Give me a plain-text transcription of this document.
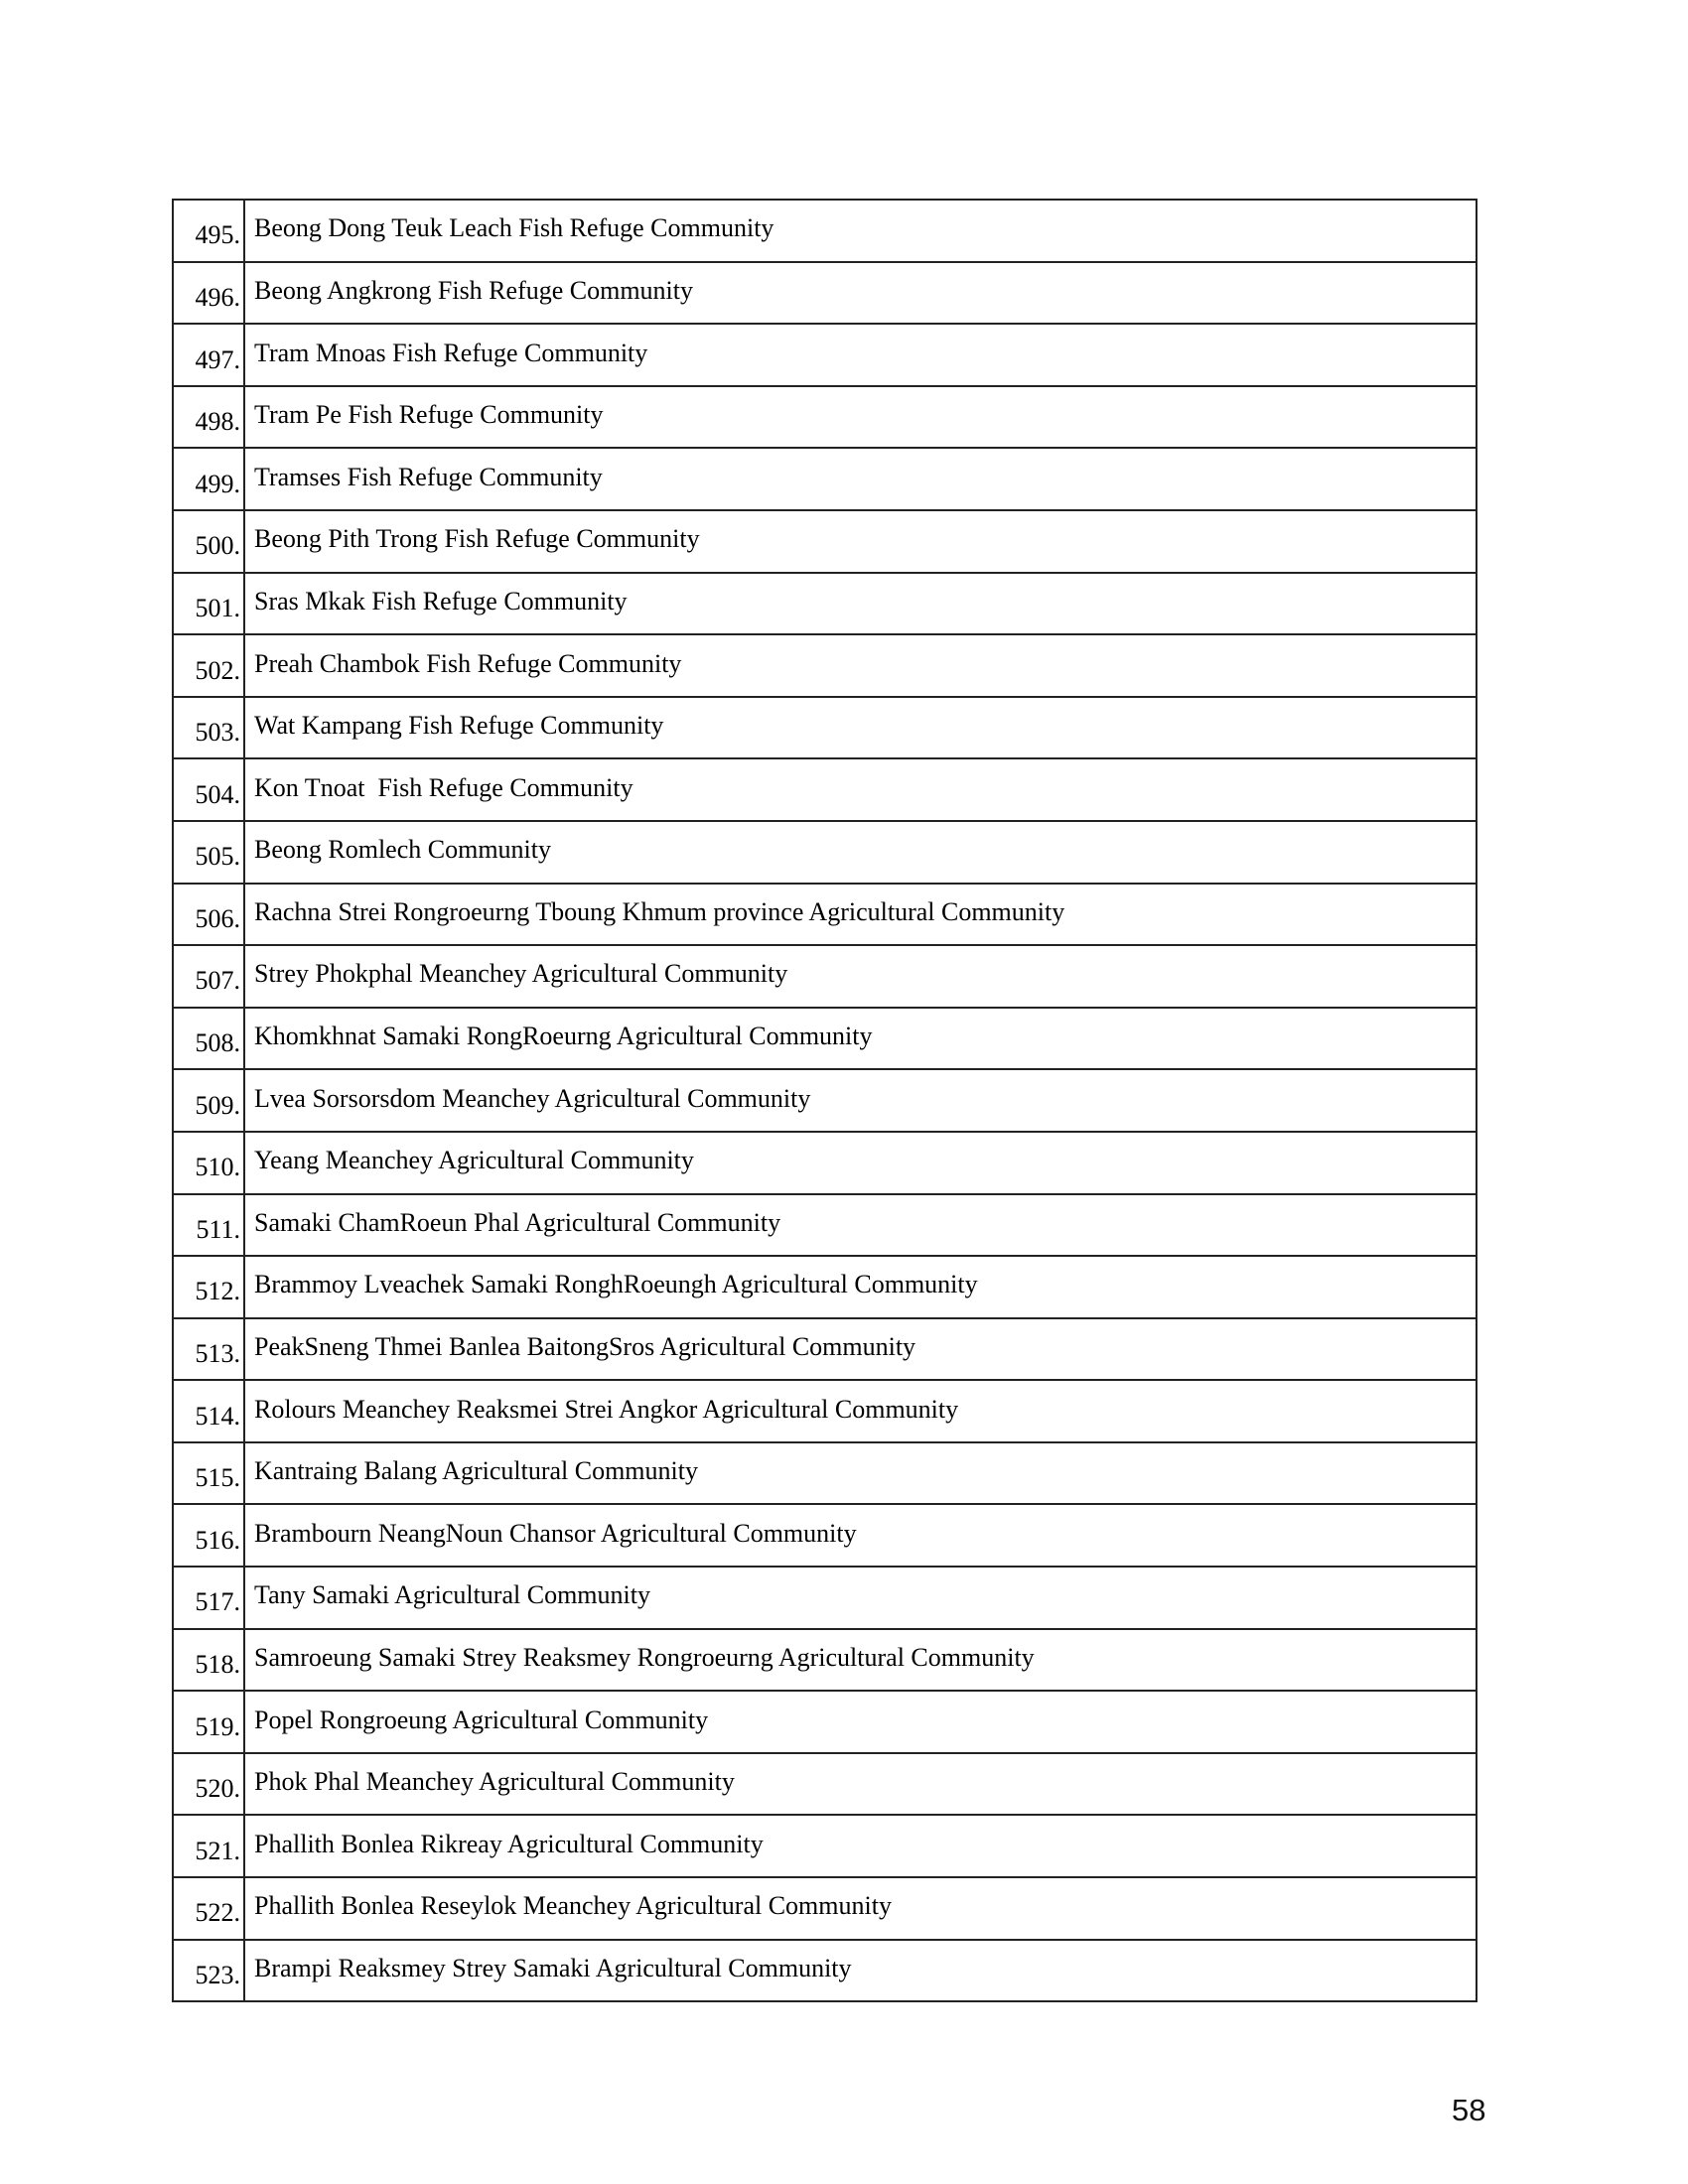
495.	Beong Dong Teuk Leach Fish Refuge Community
496.	Beong Angkrong Fish Refuge Community
497.	Tram Mnoas Fish Refuge Community
498.	Tram Pe Fish Refuge Community
499.	Tramses Fish Refuge Community
500.	Beong Pith Trong Fish Refuge Community
501.	Sras Mkak Fish Refuge Community
502.	Preah Chambok Fish Refuge Community
503.	Wat Kampang Fish Refuge Community
504.	Kon Tnoat  Fish Refuge Community
505.	Beong Romlech Community
506.	Rachna Strei Rongroeurng Tboung Khmum province Agricultural Community
507.	Strey Phokphal Meanchey Agricultural Community
508.	Khomkhnat Samaki RongRoeurng Agricultural Community
509.	Lvea Sorsorsdom Meanchey Agricultural Community
510.	Yeang Meanchey Agricultural Community
511.	Samaki ChamRoeun Phal Agricultural Community
512.	Brammoy Lveachek Samaki RonghRoeungh Agricultural Community
513.	PeakSneng Thmei Banlea BaitongSros Agricultural Community
514.	Rolours Meanchey Reaksmei Strei Angkor Agricultural Community
515.	Kantraing Balang Agricultural Community
516.	Brambourn NeangNoun Chansor Agricultural Community
517.	Tany Samaki Agricultural Community
518.	Samroeung Samaki Strey Reaksmey Rongroeurng Agricultural Community
519.	Popel Rongroeung Agricultural Community
520.	Phok Phal Meanchey Agricultural Community
521.	Phallith Bonlea Rikreay Agricultural Community
522.	Phallith Bonlea Reseylok Meanchey Agricultural Community
523.	Brampi Reaksmey Strey Samaki Agricultural Community
58
